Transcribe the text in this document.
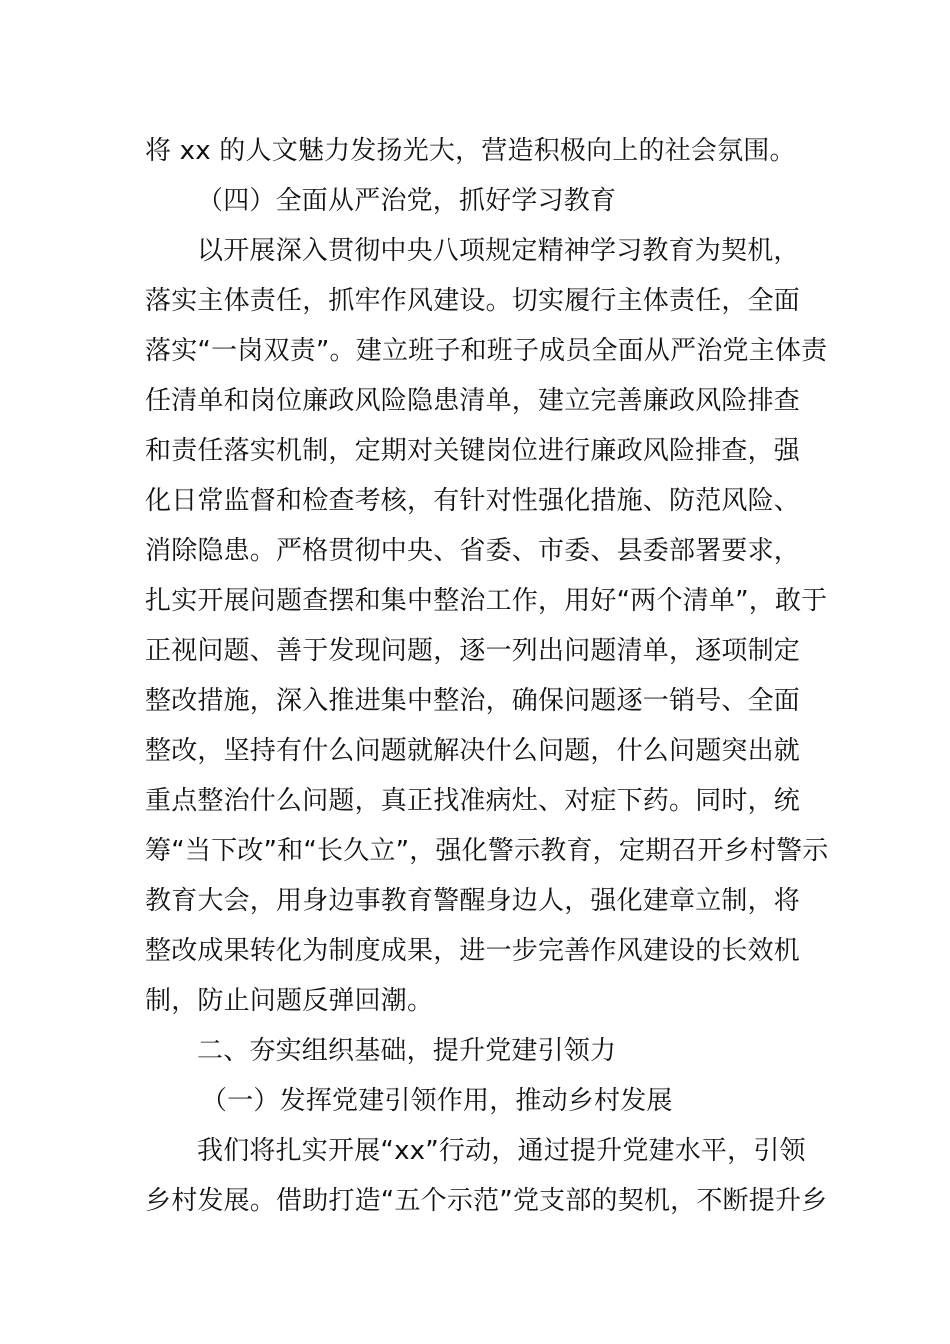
将 xx 的人文魅力发扬光大，营造积极向上的社会氛围。
（四）全面从严治党，抓好学习教育
以开展深入贯彻中央八项规定精神学习教育为契机，
落实主体责任，抓牢作风建设。切实履行主体责任，全面
落实“一岗双责”。建立班子和班子成员全面从严治党主体责
任清单和岗位廉政风险隐患清单，建立完善廉政风险排查
和责任落实机制，定期对关键岗位进行廉政风险排查，强
化日常监督和检查考核，有针对性强化措施、防范风险、
消除隐患。严格贯彻中央、省委、市委、县委部署要求，
扎实开展问题查摆和集中整治工作，用好“两个清单”，敢于
正视问题、善于发现问题，逐一列出问题清单，逐项制定
整改措施，深入推进集中整治，确保问题逐一销号、全面
整改，坚持有什么问题就解决什么问题，什么问题突出就
重点整治什么问题，真正找准病灶、对症下药。同时，统
筹“当下改”和“长久立”，强化警示教育，定期召开乡村警示
教育大会，用身边事教育警醒身边人，强化建章立制，将
整改成果转化为制度成果，进一步完善作风建设的长效机
制，防止问题反弹回潮。
二、夯实组织基础，提升党建引领力
（一）发挥党建引领作用，推动乡村发展
我们将扎实开展“xx”行动，通过提升党建水平，引领
乡村发展。借助打造“五个示范”党支部的契机，不断提升乡
